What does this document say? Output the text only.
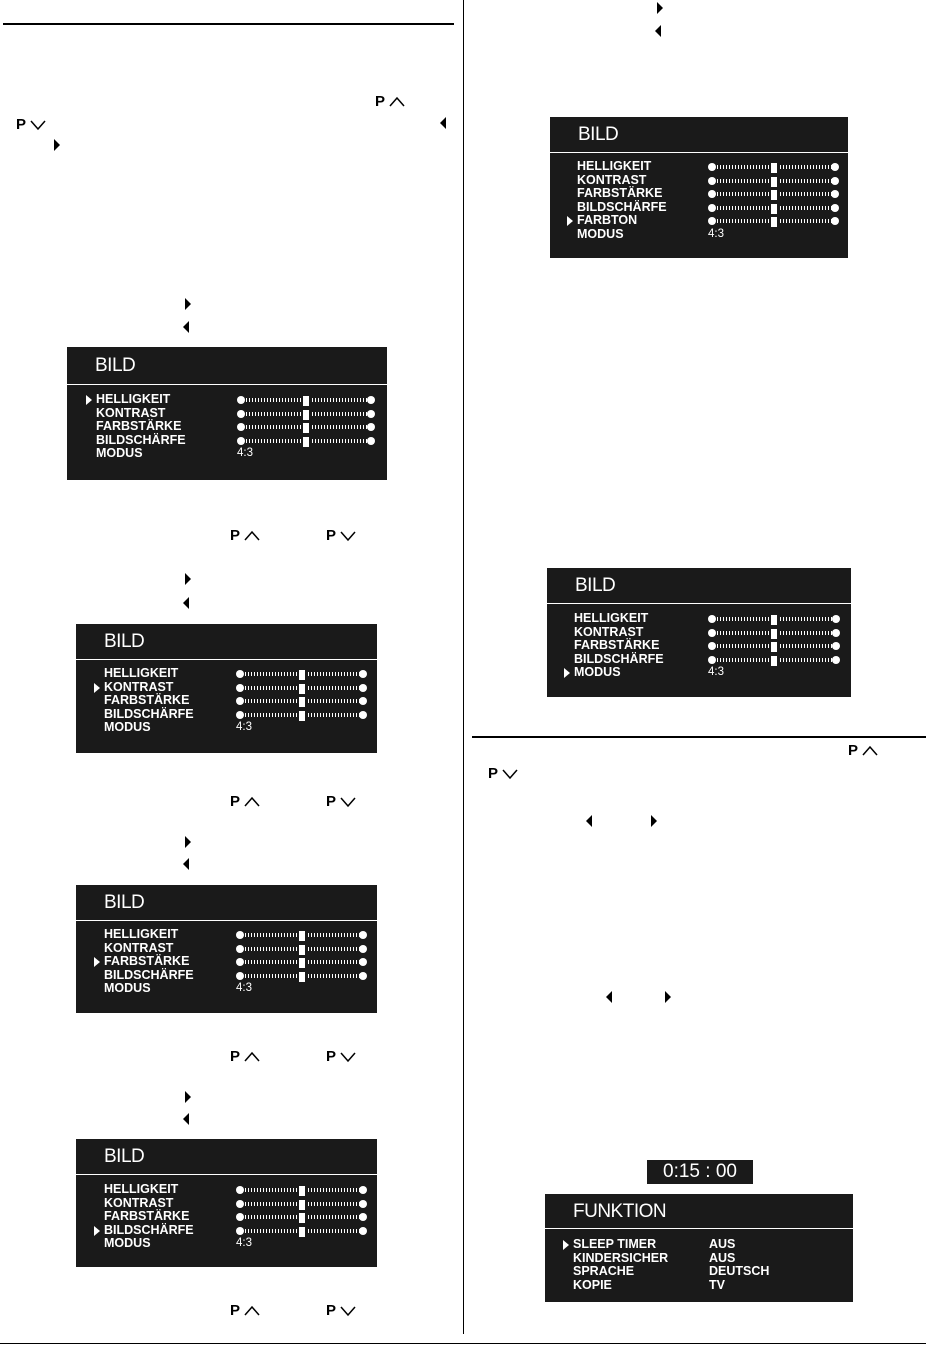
P
P
BILD
HELLIGKEIT
KONTRAST
FARBSTÄRKE
BILDSCHÄRFE
MODUS	4:3
P	P
BILD
HELLIGKEIT
KONTRAST
FARBSTÄRKE
BILDSCHÄRFE
MODUS	4:3
P	P
BILD
HELLIGKEIT
KONTRAST
FARBSTÄRKE
BILDSCHÄRFE
MODUS	4:3
P	P
BILD
HELLIGKEIT
KONTRAST
FARBSTÄRKE
BILDSCHÄRFE
MODUS	4:3
P	P
BILD
HELLIGKEIT
KONTRAST
FARBSTÄRKE
BILDSCHÄRFE
FARBTON
MODUS	4:3
BILD
HELLIGKEIT
KONTRAST
FARBSTÄRKE
BILDSCHÄRFE
MODUS	4:3
P
P
0:15 : 00
FUNKTION
SLEEP TIMER	AUS
KINDERSICHER	AUS
SPRACHE	DEUTSCH
KOPIE	TV
